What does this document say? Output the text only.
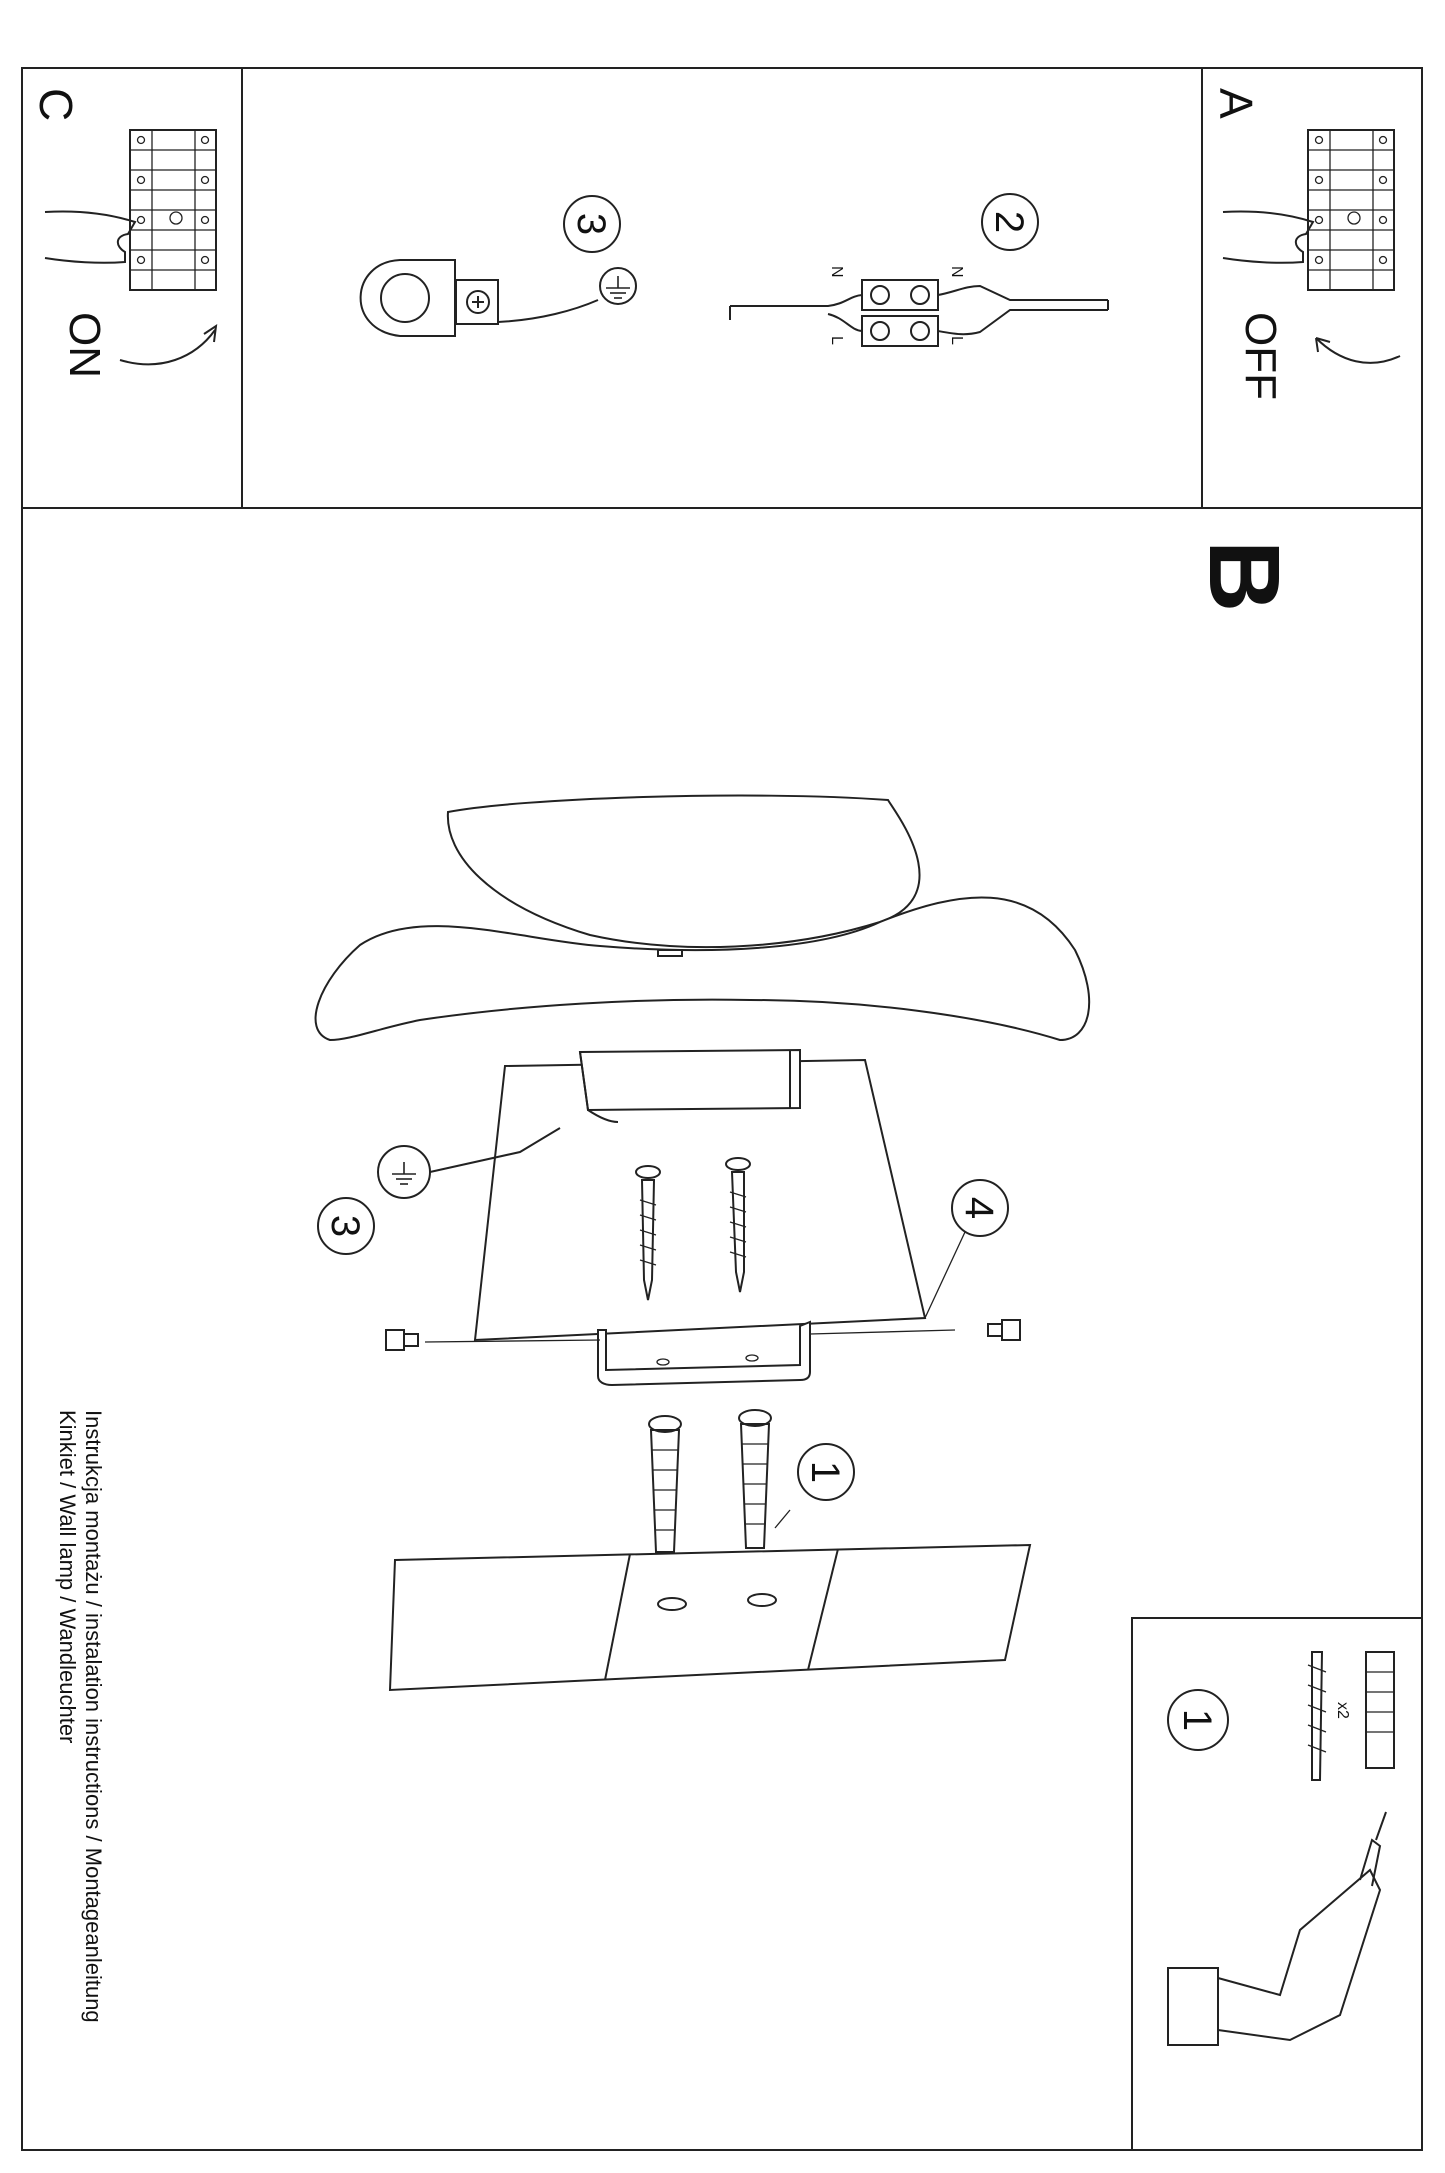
C
ON
A
OFF
B
3	2
N
L
N
L
3
4
1
1	x2
Instrukcja montażu / instalation instructions / Montageanleitung
Kinkiet / Wall lamp / Wandleuchter
